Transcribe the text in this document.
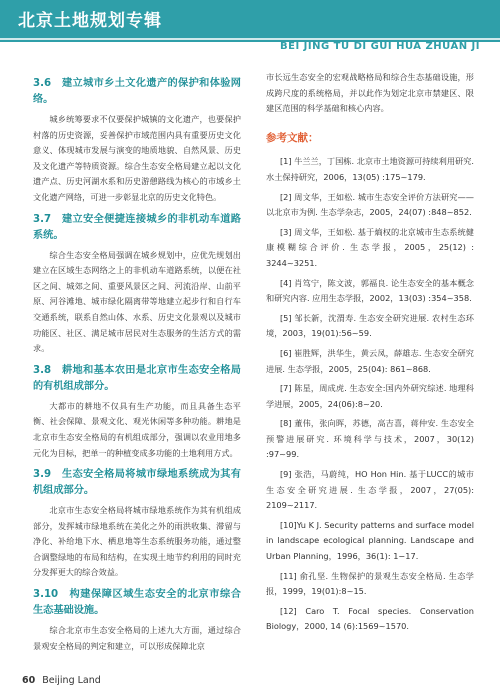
北京土地规划专辑
BEI JING TU DI GUI HUA ZHUAN JI
3.6　建立城市乡土文化遗产的保护和体验网络。

城乡统筹要求不仅要保护城镇的文化遗产，也要保护村落的历史资源，妥善保护市域范围内具有重要历史文化意义、体现城市发展与演变的地质地貌、自然风景、历史及文化遗产等特质资源。综合生态安全格局建立起以文化遗产点、历史河湖水系和历史游憩路线为核心的市域乡土文化遗产网络，可进一步彰显北京的历史文化特色。

3.7　建立安全便捷连接城乡的非机动车道路系统。

综合生态安全格局强调在城乡规划中，应优先规划出建立在区域生态网络之上的非机动车道路系统，以便在社区之间、城郊之间、重要风景区之间、河流沿岸、山前平原、河谷滩地、城市绿化隔离带等地建立起步行和自行车交通系统，联系自然山体、水系、历史文化景观以及城市功能区、社区、满足城市居民对生态服务的生活方式的需求。

3.8　耕地和基本农田是北京市生态安全格局的有机组成部分。

大都市的耕地不仅具有生产功能，而且具备生态平衡、社会保障、景观文化、观光休闲等多种功能。耕地是北京市生态安全格局的有机组成部分，强调以农业用地多元化为目标，把单一的种植变成多功能的土地利用方式。

3.9　生态安全格局将城市绿地系统成为其有机组成部分。

北京市生态安全格局将城市绿地系统作为其有机组成部分，发挥城市绿地系统在美化之外的雨洪收集、滞留与净化、补给地下水、栖息地等生态系统服务功能，通过整合调整绿地的布局和结构，在实现土地节约利用的同时充分发挥更大的综合效益。

3.10　构建保障区域生态安全的北京市综合生态基础设施。

综合北京市生态安全格局的上述九大方面，通过综合景观安全格局的判定和建立，可以形成保障北京

市长远生态安全的宏观战略格局和综合生态基础设施，形成跨尺度的系统格局，并以此作为划定北京市禁建区、限建区范围的科学基础和核心内容。

参考文献：
[1] 牛兰兰，丁国栋. 北京市土地资源可持续利用研究. 水土保持研究，2006，13(05) :175~179.
[2] 周文华，王如松. 城市生态安全评价方法研究——以北京市为例. 生态学杂志，2005，24(07) :848~852.
[3] 周文华，王如松. 基于熵权的北京城市生态系统健康模糊综合评价. 生态学报，2005，25(12) : 3244~3251.
[4] 肖笃宁，陈文波，郭福良. 论生态安全的基本概念和研究内容. 应用生态学报，2002，13(03) :354~358.
[5] 邹长新，沈渭寿. 生态安全研究进展. 农村生态环境，2003，19(01):56~59.
[6] 崔胜辉，洪华生，黄云凤，薛雄志. 生态安全研究进展. 生态学报，2005，25(04): 861~868.
[7] 陈星，周成虎. 生态安全:国内外研究综述. 地理科学进展，2005，24(06):8~20.
[8] 董伟，张向晖，苏德，高吉喜，蒋仲安. 生态安全预警进展研究. 环境科学与技术，2007，30(12) :97~99.
[9] 张浩，马蔚纯，HO Hon Hin. 基于LUCC的城市生态安全研究进展. 生态学报，2007，27(05): 2109~2117.
[10]Yu K J. Security patterns and surface model in landscape ecological planning. Landscape and Urban Planning，1996，36(1): 1−17.
[11] 俞孔坚. 生物保护的景观生态安全格局. 生态学报，1999，19(01):8~15.
[12] Caro T. Focal species. Conservation Biology，2000, 14 (6):1569~1570.
60 Beijing Land
